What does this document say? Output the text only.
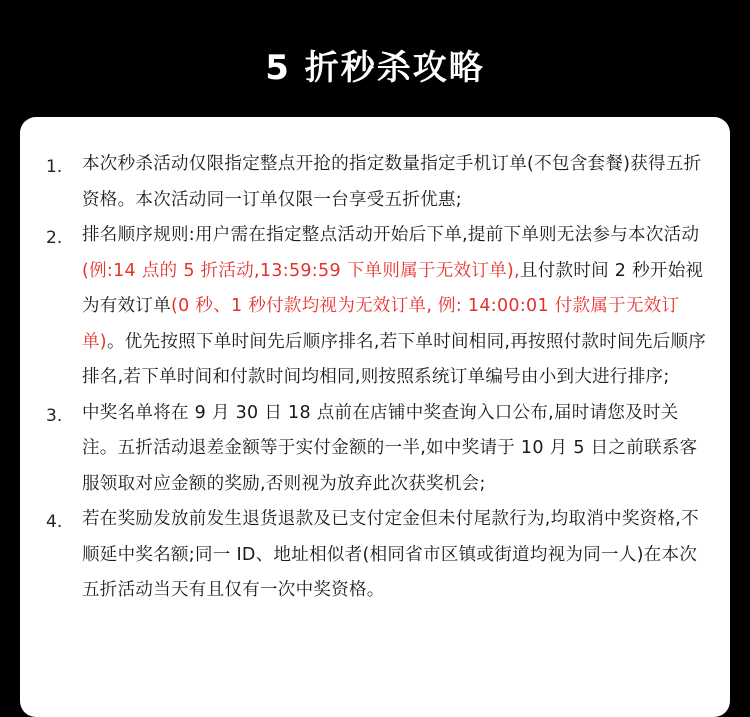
5 折秒杀攻略
1.	本次秒杀活动仅限指定整点开抢的指定数量指定手机订单(不包含套餐)获得五折资格。本次活动同一订单仅限一台享受五折优惠;
2.	排名顺序规则:用户需在指定整点活动开始后下单,提前下单则无法参与本次活动(例:14 点的 5 折活动,13:59:59 下单则属于无效订单),且付款时间 2 秒开始视为有效订单(0 秒、1 秒付款均视为无效订单, 例: 14:00:01 付款属于无效订单)。优先按照下单时间先后顺序排名,若下单时间相同,再按照付款时间先后顺序排名,若下单时间和付款时间均相同,则按照系统订单编号由小到大进行排序;
3.	中奖名单将在 9 月 30 日 18 点前在店铺中奖查询入口公布,届时请您及时关注。五折活动退差金额等于实付金额的一半,如中奖请于 10 月 5 日之前联系客服领取对应金额的奖励,否则视为放弃此次获奖机会;
4.	若在奖励发放前发生退货退款及已支付定金但未付尾款行为,均取消中奖资格,不顺延中奖名额;同一 ID、地址相似者(相同省市区镇或街道均视为同一人)在本次五折活动当天有且仅有一次中奖资格。
